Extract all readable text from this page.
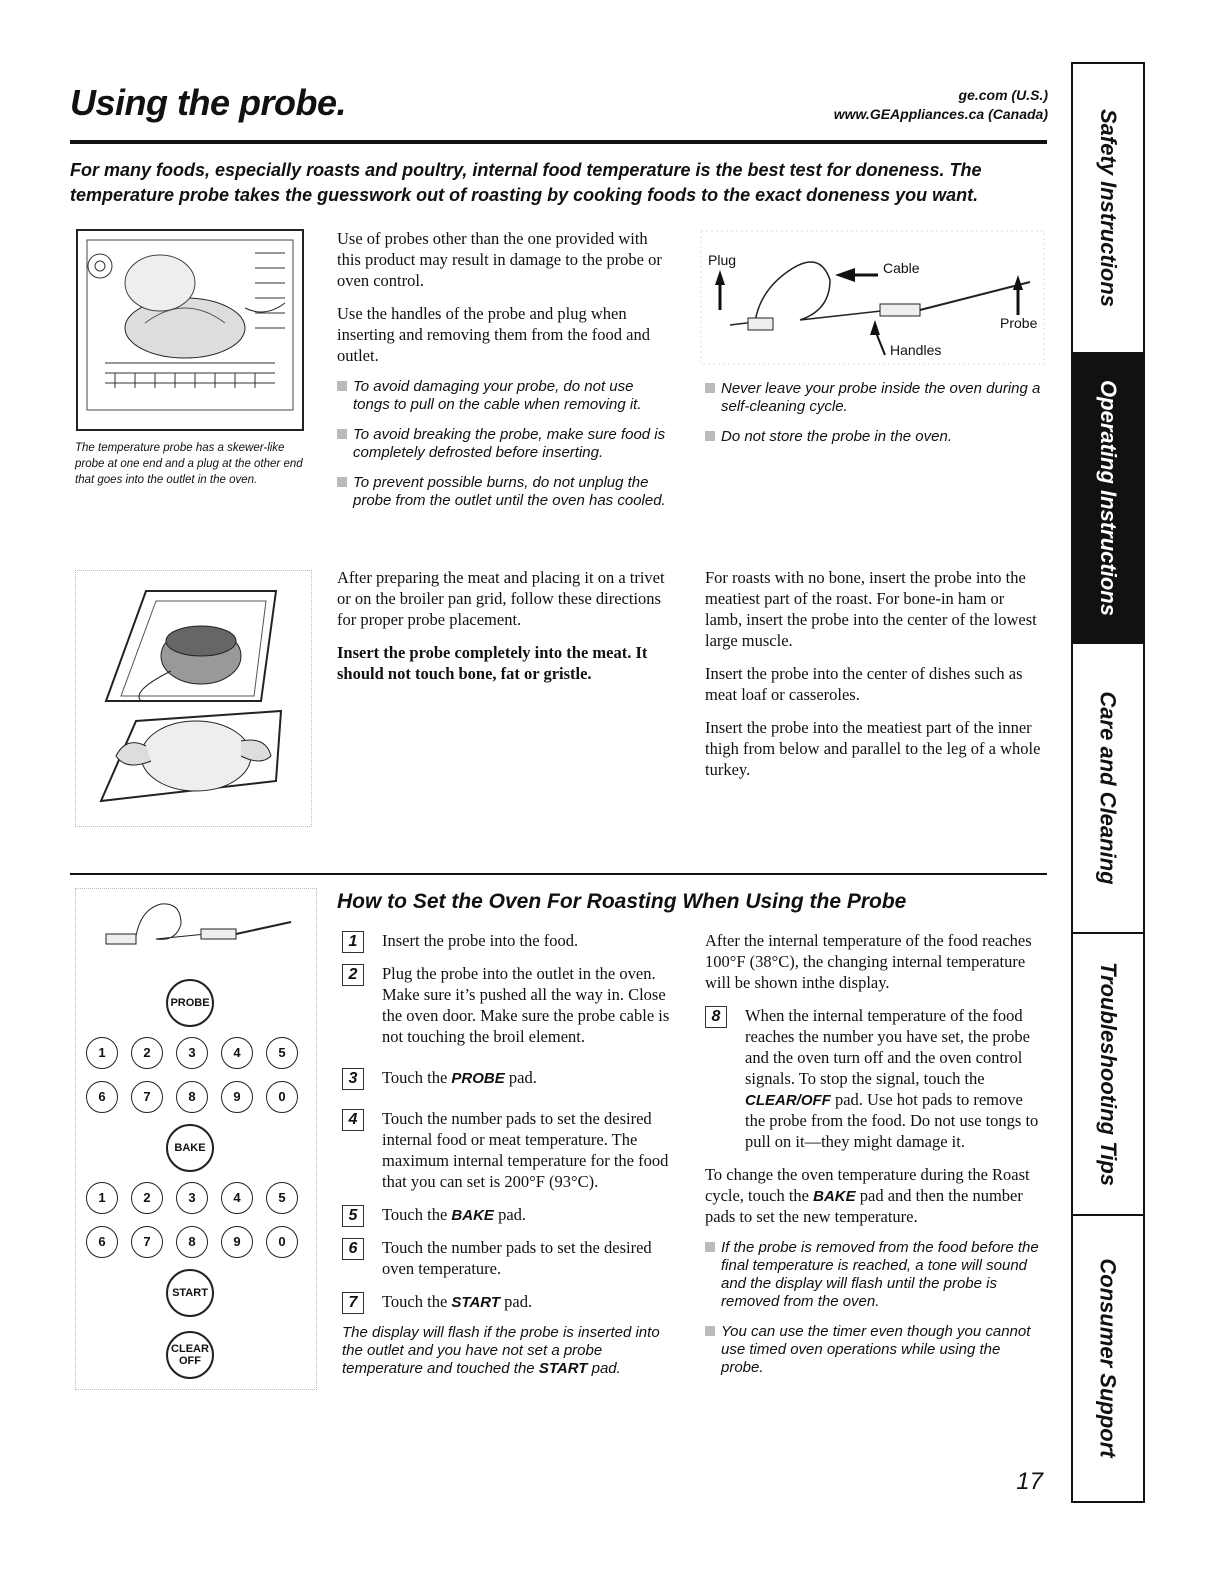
Using the probe.	ge.com (U.S.)
www.GEAppliances.ca (Canada)
For many foods, especially roasts and poultry, internal food temperature is the best test for doneness. The temperature probe takes the guesswork out of roasting by cooking foods to the exact doneness you want.
The temperature probe has a skewer-like probe at one end and a plug at the other end that goes into the outlet in the oven.

Use of probes other than the one provided with this product may result in damage to the probe or oven control.

Use the handles of the probe and plug when inserting and removing them from the food and outlet.

To avoid damaging your probe, do not use tongs to pull on the cable when removing it.
To avoid breaking the probe, make sure food is completely defrosted before inserting.
To prevent possible burns, do not unplug the probe from the outlet until the oven has cooled.
Plug	Cable
Probe
Handles
Never leave your probe inside the oven during a self-cleaning cycle.
Do not store the probe in the oven.

After preparing the meat and placing it on a trivet or on the broiler pan grid, follow these directions for proper probe placement.

Insert the probe completely into the meat. It should not touch bone, fat or gristle.

For roasts with no bone, insert the probe into the meatiest part of the roast. For bone-in ham or lamb, insert the probe into the center of the lowest large muscle.

Insert the probe into the center of dishes such as meat loaf or casseroles.

Insert the probe into the meatiest part of the inner thigh from below and parallel to the leg of a whole turkey.

PROBE
1	2	3	4	5
6	7	8	9	0
BAKE
1	2	3	4	5
6	7	8	9	0
START
CLEAR
OFF
How to Set the Oven For Roasting When Using the Probe
1	Insert the probe into the food.
2	Plug the probe into the outlet in the oven. Make sure it’s pushed all the way in. Close the oven door. Make sure the probe cable is not touching the broil element.
3	Touch the PROBE pad.
4	Touch the number pads to set the desired internal food or meat temperature. The maximum internal temperature for the food that you can set is 200°F (93°C).
5	Touch the BAKE pad.
6	Touch the number pads to set the desired oven temperature.
7	Touch the START pad.
The display will flash if the probe is inserted into the outlet and you have not set a probe temperature and touched the START pad.

After the internal temperature of the food reaches 100°F (38°C), the changing internal temperature will be shown inthe display.

8	When the internal temperature of the food reaches the number you have set, the probe and the oven turn off and the oven control signals. To stop the signal, touch the CLEAR/OFF pad. Use hot pads to remove the probe from the food. Do not use tongs to pull on it—they might damage it.

To change the oven temperature during the Roast cycle, touch the BAKE pad and then the number pads to set the new temperature.

If the probe is removed from the food before the final temperature is reached, a tone will sound and the display will flash until the probe is removed from the oven.
You can use the timer even though you cannot use timed oven operations while using the probe.
17
Safety Instructions
Operating Instructions
Care and Cleaning
Troubleshooting Tips
Consumer Support
